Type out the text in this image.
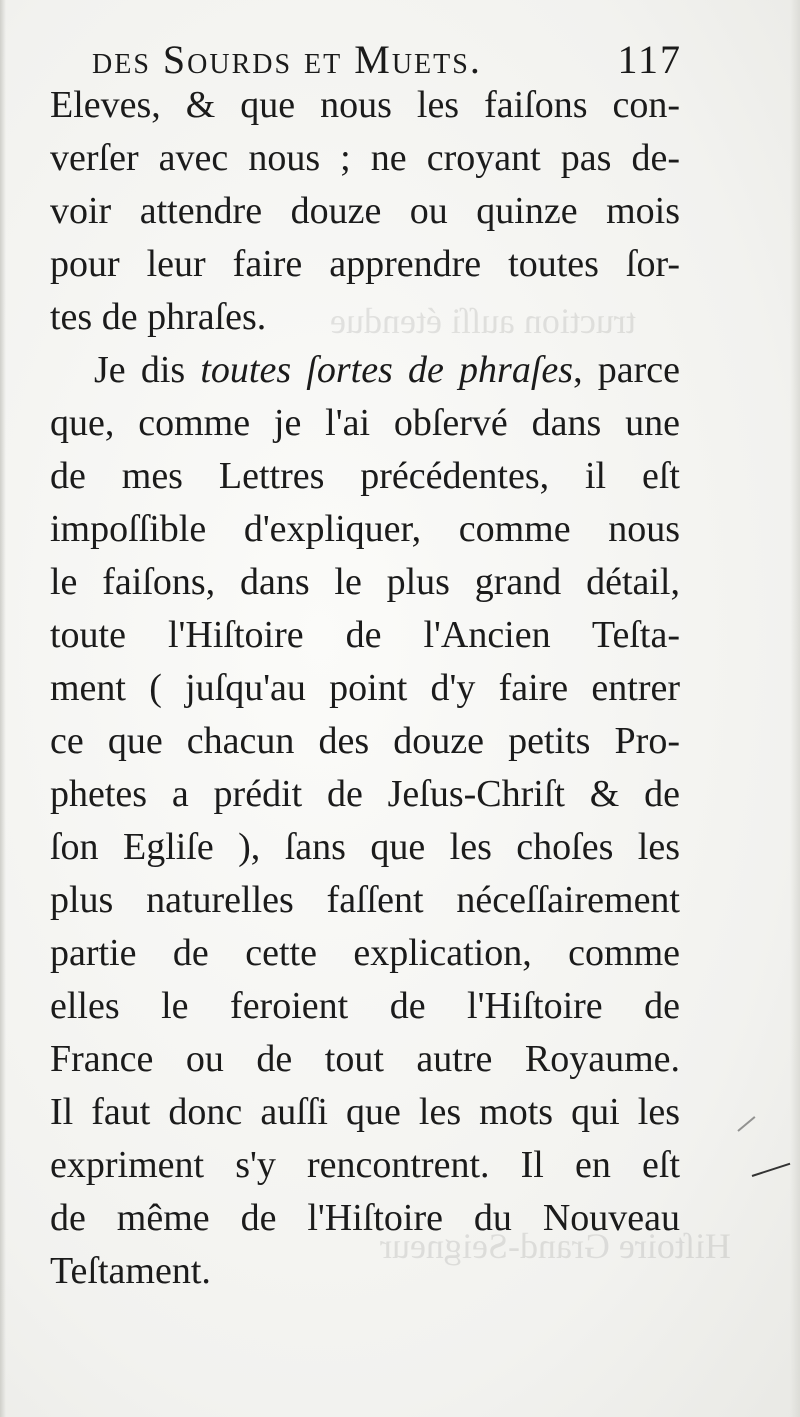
truction auſſi étendue
Hiſtoire Grand-Seigneur
des Sourds et Muets.	117
Eleves, & que nous les faiſons con-
verſer avec nous ; ne croyant pas de-
voir attendre douze ou quinze mois
pour leur faire apprendre toutes ſor-
tes de phraſes.
Je dis toutes ſortes de phraſes, parce
que, comme je l'ai obſervé dans une
de mes Lettres précédentes, il eſt
impoſſible d'expliquer, comme nous
le faiſons, dans le plus grand détail,
toute l'Hiſtoire de l'Ancien Teſta-
ment ( juſqu'au point d'y faire entrer
ce que chacun des douze petits Pro-
phetes a prédit de Jeſus-Chriſt & de
ſon Egliſe ), ſans que les choſes les
plus naturelles faſſent néceſſairement
partie de cette explication, comme
elles le feroient de l'Hiſtoire de
France ou de tout autre Royaume.
Il faut donc auſſi que les mots qui les
expriment s'y rencontrent. Il en eſt
de même de l'Hiſtoire du Nouveau
Teſtament.
